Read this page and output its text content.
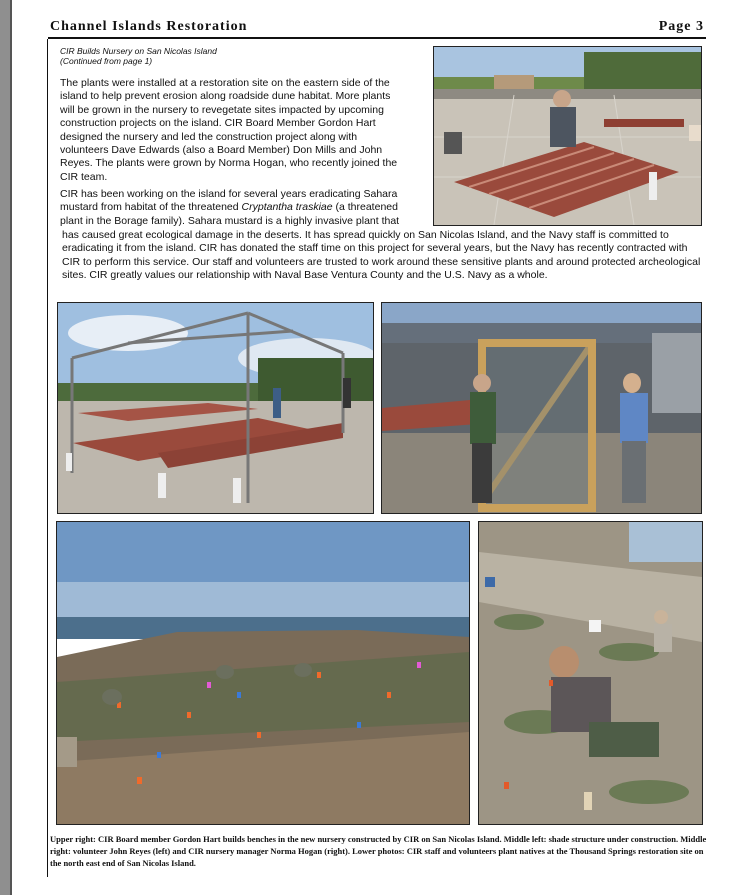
Channel Islands Restoration	Page 3
CIR Builds Nursery on San Nicolas Island
(Continued from page 1)
The plants were installed at a restoration site on the eastern side of the island to help prevent erosion along roadside dune habitat. More plants will be grown in the nursery to revegetate sites impacted by upcoming construction projects on the island. CIR Board Member Gordon Hart designed the nursery and led the construction project along with volunteers Dave Edwards (also a Board Member) Don Mills and John Reyes. The plants were grown by Norma Hogan, who recently joined the CIR team.
CIR has been working on the island for several years eradicating Sahara mustard from habitat of the threatened Cryptantha traskiae (a threatened plant in the Borage family). Sahara mustard is a highly invasive plant that
has caused great ecological damage in the deserts. It has spread quickly on San Nicolas Island, and the Navy staff is committed to eradicating it from the island. CIR has donated the staff time on this project for several years, but the Navy has recently contracted with CIR to perform this service. Our staff and volunteers are trusted to work around these sensitive plants and around protected archeological sites. CIR greatly values our relationship with Naval Base Ventura County and the U.S. Navy as a whole.
Upper right: CIR Board member Gordon Hart builds benches in the new nursery constructed by CIR on San Nicolas Island. Middle left: shade structure under construction. Middle right: volunteer John Reyes (left) and CIR nursery manager Norma Hogan (right). Lower photos: CIR staff and volunteers plant natives at the Thousand Springs restoration site on the north east end of San Nicolas Island.
